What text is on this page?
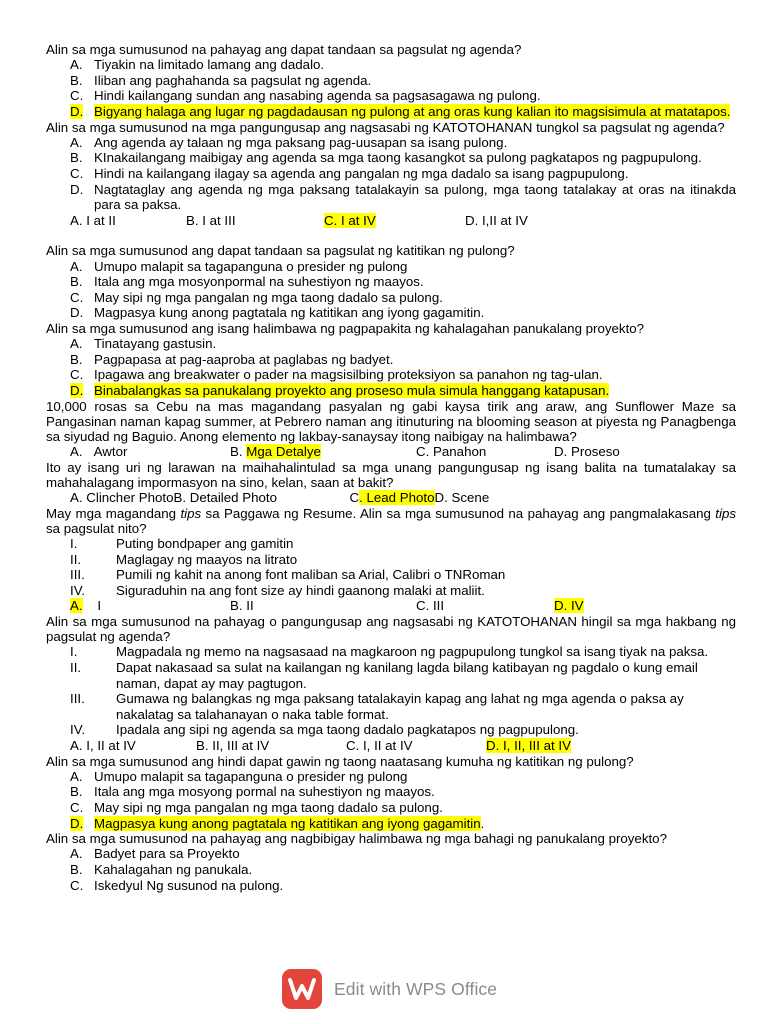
Alin sa mga sumusunod na pahayag ang dapat tandaan sa pagsulat ng agenda?
A. Tiyakin na limitado lamang ang dadalo.
B. Iliban ang paghahanda sa pagsulat ng agenda.
C. Hindi kailangang sundan ang nasabing agenda sa pagsasagawa ng pulong.
D. Bigyang halaga ang lugar ng pagdadausan ng pulong at ang oras kung kalian ito magsisimula at matatapos.
Alin sa mga sumusunod na mga pangungusap ang nagsasabi ng KATOTOHANAN tungkol sa pagsulat ng agenda?
A. Ang agenda ay talaan ng mga paksang pag-uusapan sa isang pulong.
B. KInakailangang maibigay ang agenda sa mga taong kasangkot sa pulong pagkatapos ng pagpupulong.
C. Hindi na kailangang ilagay sa agenda ang pangalan ng mga dadalo sa isang pagpupulong.
D. Nagtataglay ang agenda ng mga paksang tatalakayin sa pulong, mga taong tatalakay at oras na itinakda para sa paksa.
A. I at II	B. I at III	C. I at IV	D. I,II at IV
Alin sa mga sumusunod ang dapat tandaan sa pagsulat ng katitikan ng pulong?
A. Umupo malapit sa tagapanguna o presider ng pulong
B. Itala ang mga mosyonpormal na suhestiyon ng maayos.
C. May sipi ng mga pangalan ng mga taong dadalo sa pulong.
D. Magpasya kung anong pagtatala ng katitikan ang iyong gagamitin.
Alin sa mga sumusunod ang isang halimbawa ng pagpapakita ng kahalagahan panukalang proyekto?
A. Tinatayang gastusin.
B. Pagpapasa at pag-aaproba at paglabas ng badyet.
C. Ipagawa ang breakwater o pader na magsisilbing proteksiyon sa panahon ng tag-ulan.
D. Binabalangkas sa panukalang proyekto ang proseso mula simula hanggang katapusan.
10,000 rosas sa Cebu na mas magandang pasyalan ng gabi kaysa tirik ang araw, ang Sunflower Maze sa Pangasinan naman kapag summer, at Pebrero naman ang itinuturing na blooming season at piyesta ng Panagbenga sa siyudad ng Baguio. Anong elemento ng lakbay-sanaysay itong naibigay na halimbawa?
A. Awtor	B. Mga Detalye	C. Panahon	D. Proseso
Ito ay isang uri ng larawan na maihahalintulad sa mga unang pangungusap ng isang balita na tumatalakay sa mahahalagang impormasyon na sino, kelan, saan at bakit?
A. Clincher Photo B. Detailed Photo	C. Lead Photo D. Scene
May mga magandang tips sa Paggawa ng Resume. Alin sa mga sumusunod na pahayag ang pangmalakasang tips sa pagsulat nito?
I.	Puting bondpaper ang gamitin
II.	Maglagay ng maayos na litrato
III.	Pumili ng kahit na anong font maliban sa Arial, Calibri o TNRoman
IV.	Siguraduhin na ang font size ay hindi gaanong malaki at maliit.
A. I	B. II	C. III	D. IV
Alin sa mga sumusunod na pahayag o pangungusap ang nagsasabi ng KATOTOHANAN hingil sa mga hakbang ng pagsulat ng agenda?
I.	Magpadala ng memo na nagsasaad na magkaroon ng pagpupulong tungkol sa isang tiyak na paksa.
II.	Dapat nakasaad sa sulat na kailangan ng kanilang lagda bilang katibayan ng pagdalo o kung email naman, dapat ay may pagtugon.
III.	Gumawa ng balangkas ng mga paksang tatalakayin kapag ang lahat ng mga agenda o paksa ay nakalatag sa talahanayan o naka table format.
IV.	Ipadala ang sipi ng agenda sa mga taong dadalo pagkatapos ng pagpupulong.
A. I, II at IV	B. II, III at IV	C. I, II at IV	D. I, II, III at IV
Alin sa mga sumusunod ang hindi dapat gawin ng taong naatasang kumuha ng katitikan ng pulong?
A. Umupo malapit sa tagapanguna o presider ng pulong
B. Itala ang mga mosyong pormal na suhestiyon ng maayos.
C. May sipi ng mga pangalan ng mga taong dadalo sa pulong.
D. Magpasya kung anong pagtatala ng katitikan ang iyong gagamitin.
Alin sa mga sumusunod na pahayag ang nagbibigay halimbawa ng mga bahagi ng panukalang proyekto?
A. Badyet para sa Proyekto
B. Kahalagahan ng panukala.
C. Iskedyul Ng susunod na pulong.
Edit with WPS Office
